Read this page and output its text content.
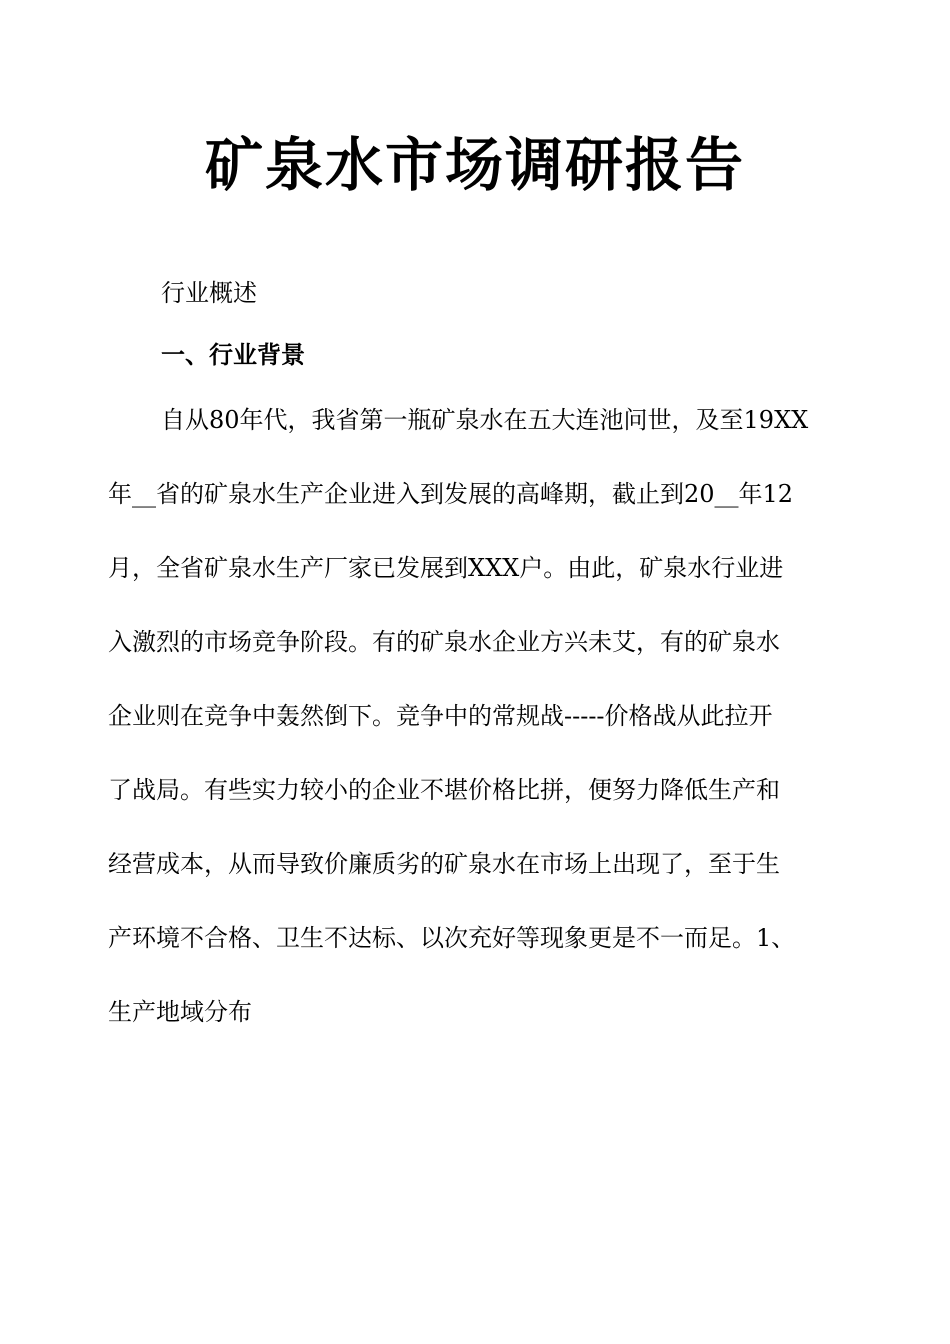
矿泉水市场调研报告
行业概述
一、行业背景
自从80年代，我省第一瓶矿泉水在五大连池问世，及至19XX
年__省的矿泉水生产企业进入到发展的高峰期，截止到20__年12
月，全省矿泉水生产厂家已发展到XXX户。由此，矿泉水行业进
入激烈的市场竞争阶段。有的矿泉水企业方兴未艾，有的矿泉水
企业则在竞争中轰然倒下。竞争中的常规战-----价格战从此拉开
了战局。有些实力较小的企业不堪价格比拼，便努力降低生产和
经营成本，从而导致价廉质劣的矿泉水在市场上出现了，至于生
产环境不合格、卫生不达标、以次充好等现象更是不一而足。1、
生产地域分布
